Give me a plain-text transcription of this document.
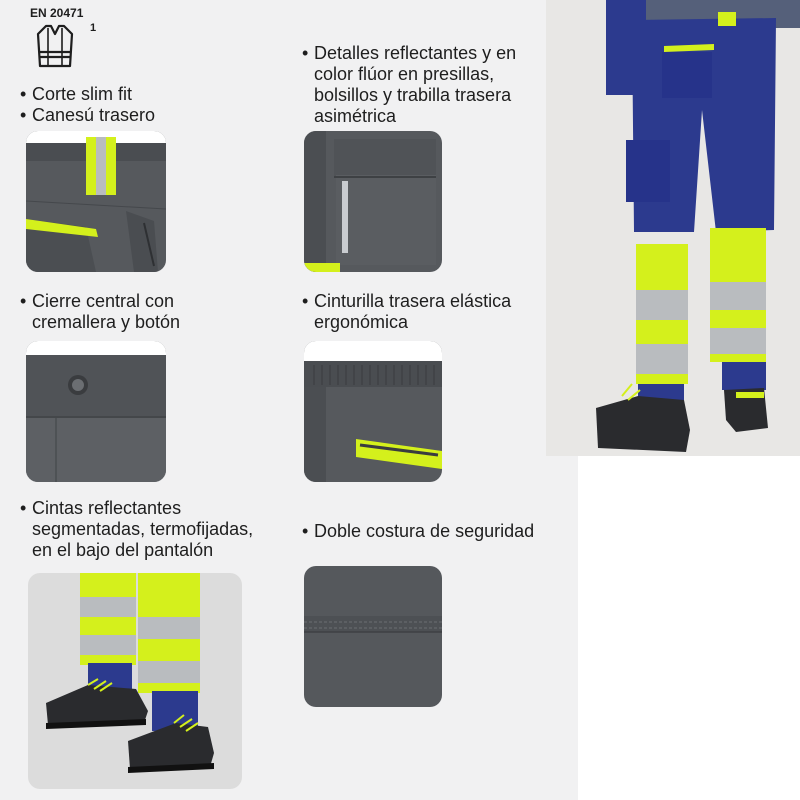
EN 20471
1
• Corte slim fit
• Canesú trasero
• Detalles reflectantes y en
color flúor en presillas,
bolsillos y trabilla trasera
asimétrica
• Cierre central con
cremallera y botón
• Cinturilla trasera elástica
ergonómica
• Cintas reflectantes
segmentadas, termofijadas,
en el bajo del pantalón
• Doble costura de seguridad
